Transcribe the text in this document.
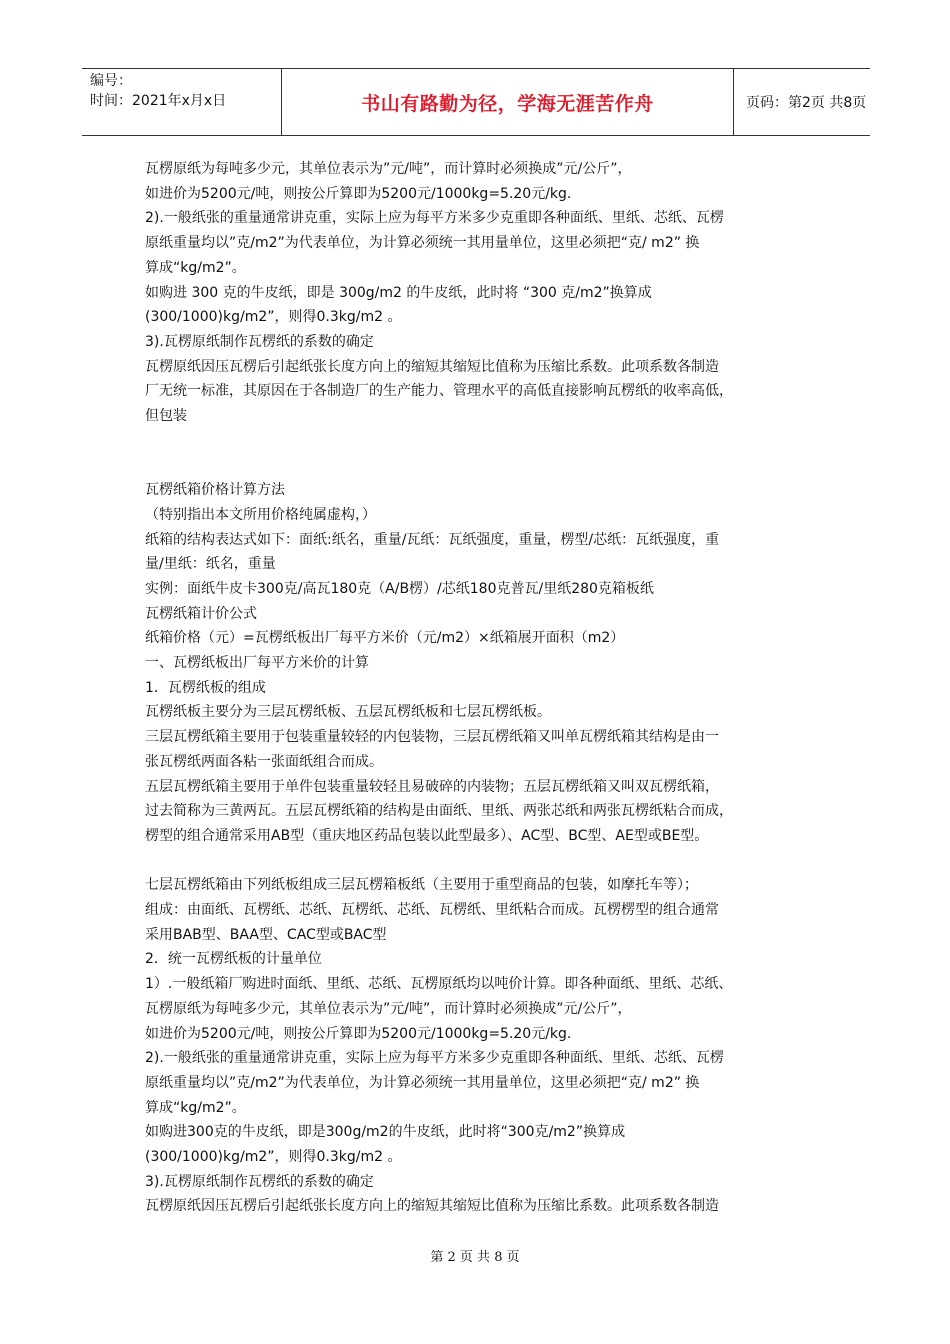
编号：
时间：2021年x月x日	书山有路勤为径，学海无涯苦作舟	页码：第2页 共8页

瓦楞原纸为每吨多少元，其单位表示为”元/吨”，而计算时必须换成”元/公斤”，

如进价为5200元/吨，则按公斤算即为5200元/1000kg=5.20元/kg.

2).一般纸张的重量通常讲克重，实际上应为每平方米多少克重即各种面纸、里纸、芯纸、瓦楞

原纸重量均以”克/m2”为代表单位，为计算必须统一其用量单位，这里必须把“克/ m2” 换

算成“kg/m2”。

如购进 300 克的牛皮纸，即是 300g/m2 的牛皮纸，此时将 “300 克/m2”换算成

(300/1000)kg/m2”，则得0.3kg/m2 。

3).瓦楞原纸制作瓦楞纸的系数的确定

瓦楞原纸因压瓦楞后引起纸张长度方向上的缩短其缩短比值称为压缩比系数。此项系数各制造

厂无统一标准，其原因在于各制造厂的生产能力、管理水平的高低直接影响瓦楞纸的收率高低，

但包装

瓦楞纸箱价格计算方法

（特别指出本文所用价格纯属虚构，）

纸箱的结构表达式如下：面纸:纸名，重量/瓦纸：瓦纸强度，重量，楞型/芯纸：瓦纸强度，重

量/里纸：纸名，重量

实例：面纸牛皮卡300克/高瓦180克（A/B楞）/芯纸180克普瓦/里纸280克箱板纸

瓦楞纸箱计价公式

纸箱价格（元）=瓦楞纸板出厂每平方米价（元/m2）×纸箱展开面积（m2）

一、瓦楞纸板出厂每平方米价的计算

1．瓦楞纸板的组成

瓦楞纸板主要分为三层瓦楞纸板、五层瓦楞纸板和七层瓦楞纸板。

三层瓦楞纸箱主要用于包装重量较轻的内包装物，三层瓦楞纸箱又叫单瓦楞纸箱其结构是由一

张瓦楞纸两面各粘一张面纸组合而成。

五层瓦楞纸箱主要用于单件包装重量较轻且易破碎的内装物；五层瓦楞纸箱又叫双瓦楞纸箱，

过去简称为三黄两瓦。五层瓦楞纸箱的结构是由面纸、里纸、两张芯纸和两张瓦楞纸粘合而成，

楞型的组合通常采用AB型（重庆地区药品包装以此型最多）、AC型、BC型、AE型或BE型。

七层瓦楞纸箱由下列纸板组成三层瓦楞箱板纸（主要用于重型商品的包装，如摩托车等）；

组成：由面纸、瓦楞纸、芯纸、瓦楞纸、芯纸、瓦楞纸、里纸粘合而成。瓦楞楞型的组合通常

采用BAB型、BAA型、CAC型或BAC型

2．统一瓦楞纸板的计量单位

1）.一般纸箱厂购进时面纸、里纸、芯纸、瓦楞原纸均以吨价计算。即各种面纸、里纸、芯纸、

瓦楞原纸为每吨多少元，其单位表示为”元/吨”，而计算时必须换成”元/公斤”，

如进价为5200元/吨，则按公斤算即为5200元/1000kg=5.20元/kg.

2).一般纸张的重量通常讲克重，实际上应为每平方米多少克重即各种面纸、里纸、芯纸、瓦楞

原纸重量均以”克/m2”为代表单位，为计算必须统一其用量单位，这里必须把“克/ m2” 换

算成“kg/m2”。

如购进300克的牛皮纸，即是300g/m2的牛皮纸，此时将“300克/m2”换算成

(300/1000)kg/m2”，则得0.3kg/m2 。

3).瓦楞原纸制作瓦楞纸的系数的确定

瓦楞原纸因压瓦楞后引起纸张长度方向上的缩短其缩短比值称为压缩比系数。此项系数各制造

第 2 页 共 8 页
